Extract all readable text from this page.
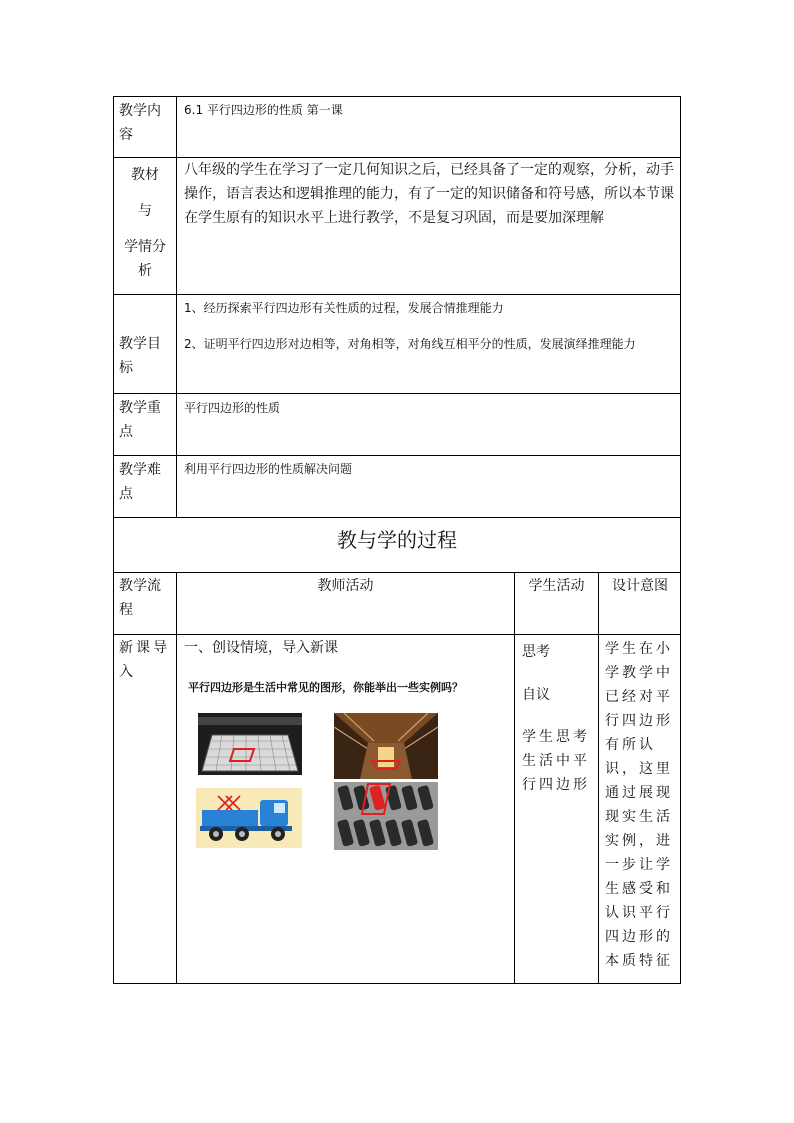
教学内容
6.1 平行四边形的性质 第一课
教材
与
学情分
析
八年级的学生在学习了一定几何知识之后，已经具备了一定的观察，分析，动手操作，语言表达和逻辑推理的能力，有了一定的知识储备和符号感，所以本节课在学生原有的知识水平上进行教学，不是复习巩固，而是要加深理解
教学目标
1、经历探索平行四边形有关性质的过程，发展合情推理能力
2、证明平行四边形对边相等，对角相等，对角线互相平分的性质，发展演绎推理能力
教学重点
平行四边形的性质
教学难点
利用平行四边形的性质解决问题
教与学的过程
教学流程
教师活动	学生活动	设计意图
新课导入
一、创设情境，导入新课
平行四边形是生活中常见的图形，你能举出一些实例吗？
思考
自议
学生思考生活中平行四边形
学生在小学教学中已经对平行四边形有所认识，这里通过展现现实生活实例，进一步让学生感受和认识平行四边形的本质特征
